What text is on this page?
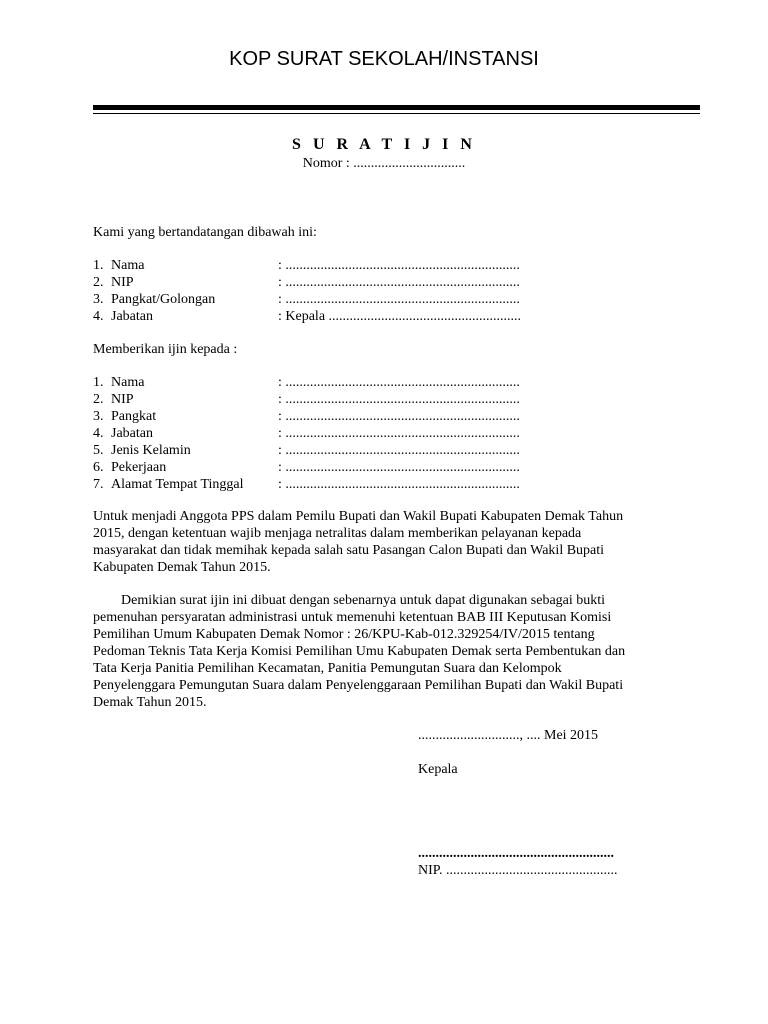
KOP SURAT SEKOLAH/INSTANSI
S U R A T I J I N
Nomor : ................................
Kami yang bertandatangan dibawah ini:
1. Nama	: ...................................................................
2. NIP	: ...................................................................
3. Pangkat/Golongan	: ...................................................................
4. Jabatan	: Kepala .......................................................
Memberikan ijin kepada :
1. Nama	: ...................................................................
2. NIP	: ...................................................................
3. Pangkat	: ...................................................................
4. Jabatan	: ...................................................................
5. Jenis Kelamin	: ...................................................................
6. Pekerjaan	: ...................................................................
7. Alamat Tempat Tinggal : ...................................................................
Untuk menjadi Anggota PPS dalam Pemilu Bupati dan Wakil Bupati Kabupaten Demak Tahun
2015, dengan ketentuan wajib menjaga netralitas dalam memberikan pelayanan kepada
masyarakat dan tidak memihak kepada salah satu Pasangan Calon Bupati dan Wakil Bupati
Kabupaten Demak Tahun 2015.
Demikian surat ijin ini dibuat dengan sebenarnya untuk dapat digunakan sebagai bukti
pemenuhan persyaratan administrasi untuk memenuhi ketentuan BAB III Keputusan Komisi
Pemilihan Umum Kabupaten Demak Nomor : 26/KPU-Kab-012.329254/IV/2015 tentang
Pedoman Teknis Tata Kerja Komisi Pemilihan Umu Kabupaten Demak serta Pembentukan dan
Tata Kerja Panitia Pemilihan Kecamatan, Panitia Pemungutan Suara dan Kelompok
Penyelenggara Pemungutan Suara dalam Penyelenggaraan Pemilihan Bupati dan Wakil Bupati
Demak Tahun 2015.
............................., .... Mei 2015
Kepala
........................................................
NIP. .................................................
